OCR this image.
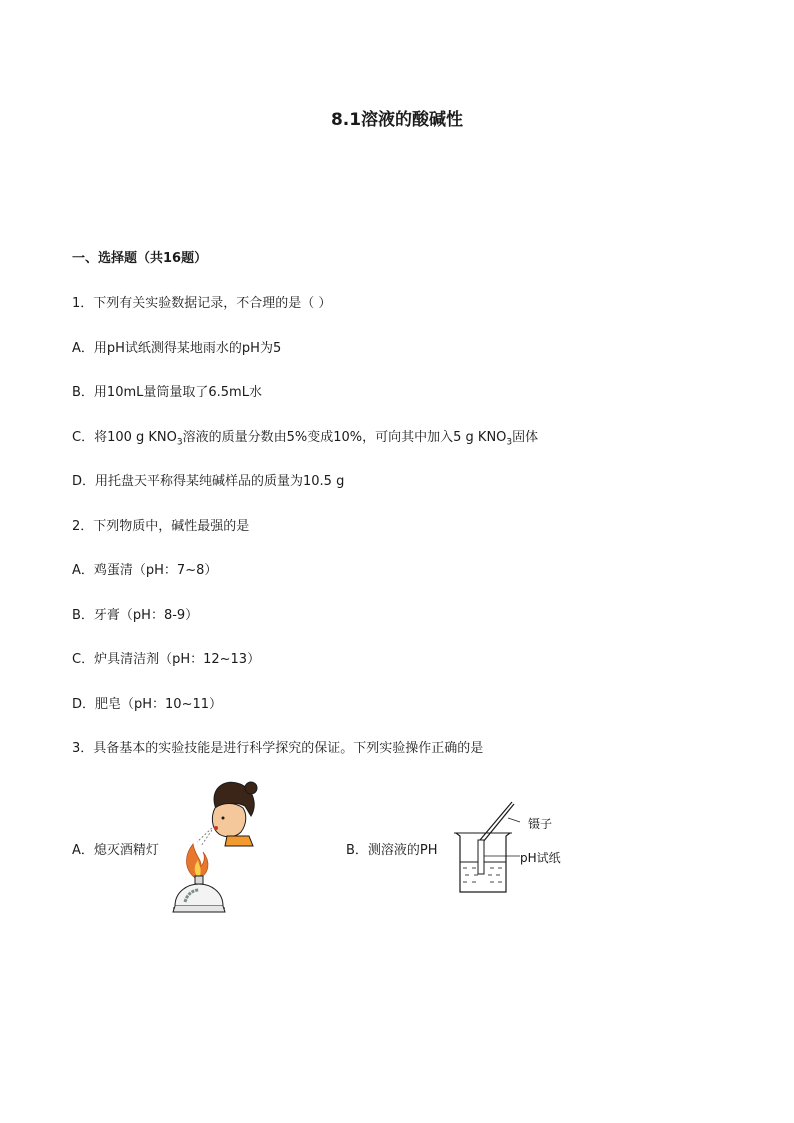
8.1溶液的酸碱性
一、选择题（共16题）
1．下列有关实验数据记录，不合理的是（ ）
A．用pH试纸测得某地雨水的pH为5
B．用10mL量筒量取了6.5mL水
C．将100 g $KNO_3$溶液的质量分数由5%变成10%，可向其中加入5 g $KNO_3$固体
D．用托盘天平称得某纯碱样品的质量为10.5 g
2．下列物质中，碱性最强的是
A．鸡蛋清（pH：7~8）
B．牙膏（pH：8-9）
C．炉具清洁剂（pH：12~13）
D．肥皂（pH：10~11）
3．具备基本的实验技能是进行科学探究的保证。下列实验操作正确的是
A．熄灭酒精灯	B．测溶液的PH
镊子
pH试纸
